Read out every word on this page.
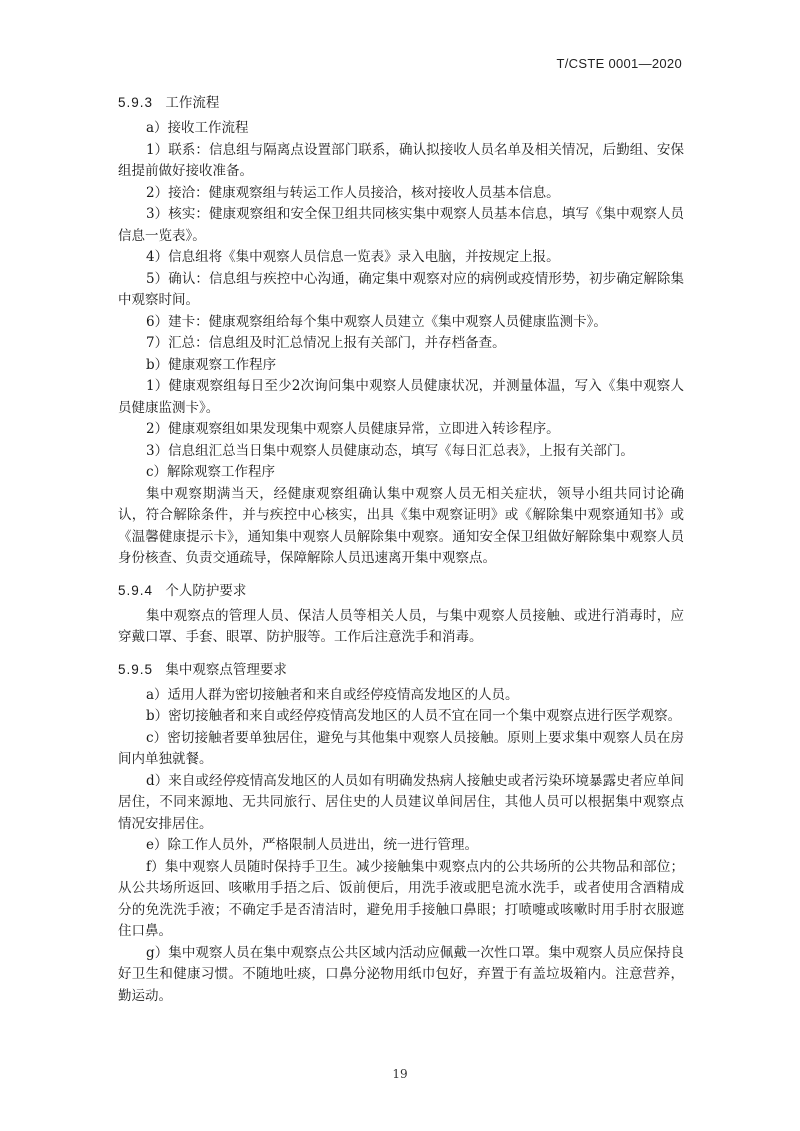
T/CSTE 0001—2020
5.9.3 工作流程

a）接收工作流程

1）联系：信息组与隔离点设置部门联系，确认拟接收人员名单及相关情况，后勤组、安保组提前做好接收准备。

2）接洽：健康观察组与转运工作人员接洽，核对接收人员基本信息。

3）核实：健康观察组和安全保卫组共同核实集中观察人员基本信息，填写《集中观察人员信息一览表》。

4）信息组将《集中观察人员信息一览表》录入电脑，并按规定上报。

5）确认：信息组与疾控中心沟通，确定集中观察对应的病例或疫情形势，初步确定解除集中观察时间。

6）建卡：健康观察组给每个集中观察人员建立《集中观察人员健康监测卡》。

7）汇总：信息组及时汇总情况上报有关部门，并存档备查。

b）健康观察工作程序

1）健康观察组每日至少2次询问集中观察人员健康状况，并测量体温，写入《集中观察人员健康监测卡》。

2）健康观察组如果发现集中观察人员健康异常，立即进入转诊程序。

3）信息组汇总当日集中观察人员健康动态，填写《每日汇总表》，上报有关部门。

c）解除观察工作程序

集中观察期满当天，经健康观察组确认集中观察人员无相关症状，领导小组共同讨论确认，符合解除条件，并与疾控中心核实，出具《集中观察证明》或《解除集中观察通知书》或《温馨健康提示卡》，通知集中观察人员解除集中观察。通知安全保卫组做好解除集中观察人员身份核查、负责交通疏导，保障解除人员迅速离开集中观察点。

5.9.4 个人防护要求

集中观察点的管理人员、保洁人员等相关人员，与集中观察人员接触、或进行消毒时，应穿戴口罩、手套、眼罩、防护服等。工作后注意洗手和消毒。

5.9.5 集中观察点管理要求

a）适用人群为密切接触者和来自或经停疫情高发地区的人员。

b）密切接触者和来自或经停疫情高发地区的人员不宜在同一个集中观察点进行医学观察。

c）密切接触者要单独居住，避免与其他集中观察人员接触。原则上要求集中观察人员在房间内单独就餐。

d）来自或经停疫情高发地区的人员如有明确发热病人接触史或者污染环境暴露史者应单间居住，不同来源地、无共同旅行、居住史的人员建议单间居住，其他人员可以根据集中观察点情况安排居住。

e）除工作人员外，严格限制人员进出，统一进行管理。

f）集中观察人员随时保持手卫生。减少接触集中观察点内的公共场所的公共物品和部位；从公共场所返回、咳嗽用手捂之后、饭前便后，用洗手液或肥皂流水洗手，或者使用含酒精成分的免洗洗手液；不确定手是否清洁时，避免用手接触口鼻眼；打喷嚏或咳嗽时用手肘衣服遮住口鼻。

g）集中观察人员在集中观察点公共区域内活动应佩戴一次性口罩。集中观察人员应保持良好卫生和健康习惯。不随地吐痰，口鼻分泌物用纸巾包好，弃置于有盖垃圾箱内。注意营养，勤运动。

19
